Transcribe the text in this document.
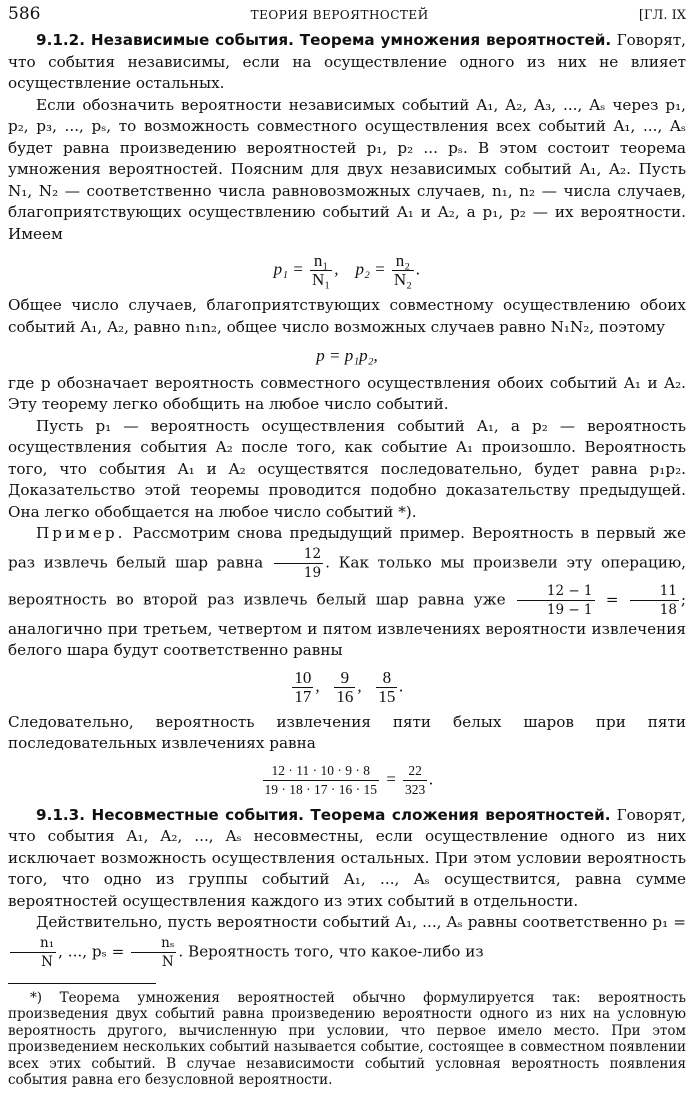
586	ТЕОРИЯ ВЕРОЯТНОСТЕЙ	[ГЛ. IX

9.1.2. Независимые события. Теорема умножения вероятностей. Говорят, что события независимы, если на осуществление одного из них не влияет осуществление остальных.

Если обозначить вероятности независимых событий A₁, A₂, A₃, ..., Aₛ через p₁, p₂, p₃, ..., pₛ, то возможность совместного осуществления всех событий A₁, ..., Aₛ будет равна произведению вероятностей p₁, p₂ ... pₛ. В этом состоит теорема умножения вероятностей. Поясним для двух независимых событий A₁, A₂. Пусть N₁, N₂ — соответственно числа равновозможных случаев, n₁, n₂ — числа случаев, благоприятствующих осуществлению событий A₁ и A₂, а p₁, p₂ — их вероятности. Имеем

$p_1 = \frac{\text{n₁}}{\text{N₁}}$ , $p_2 = \frac{\text{n₂}}{\text{N₂}}$ .

Общее число случаев, благоприятствующих совместному осуществлению обоих событий A₁, A₂, равно n₁n₂, общее число возможных случаев равно N₁N₂, поэтому

p = p₁p₂,

где p обозначает вероятность совместного осуществления обоих событий A₁ и A₂. Эту теорему легко обобщить на любое число событий.

Пусть p₁ — вероятность осуществления событий A₁, а p₂ — вероятность осуществления события A₂ после того, как событие A₁ произошло. Вероятность того, что события A₁ и A₂ осуществятся последовательно, будет равна p₁p₂. Доказательство этой теоремы проводится подобно доказательству предыдущей. Она легко обобщается на любое число событий *).

Пример. Рассмотрим снова предыдущий пример. Вероятность в первый же раз извлечь белый шар равна $\frac{12}{19}$ . Как только мы произвели эту операцию, вероятность во второй раз извлечь белый шар равна уже $\frac{12 - 1}{19 - 1} = \frac{11}{18}$ ; аналогично при третьем, четвертом и пятом извлечениях вероятности извлечения белого шара будут соответственно равны

$\frac{10}{17}$ , $\frac{9}{16}$ , $\frac{8}{15}$ .

Следовательно, вероятность извлечения пяти белых шаров при пяти последовательных извлечениях равна

$\frac{12 \cdot 11 \cdot 10 \cdot 9 \cdot 8}{19 \cdot 18 \cdot 17 \cdot 16 \cdot 15} = \frac{22}{323}$ .

9.1.3. Несовместные события. Теорема сложения вероятностей. Говорят, что события A₁, A₂, ..., Aₛ несовместны, если осуществление одного из них исключает возможность осуществления остальных. При этом условии вероятность того, что одно из группы событий A₁, ..., Aₛ осуществится, равна сумме вероятностей осуществления каждого из этих событий в отдельности.

Действительно, пусть вероятности событий A₁, ..., Aₛ равны соответственно p₁ =
$\frac{\text{n₁}}{N}$ , ..., $p_s = \frac{\text{nₛ}}{N}$ . Вероятность того, что какое-либо из

*) Теорема умножения вероятностей обычно формулируется так: вероятность произведения двух событий равна произведению вероятности одного из них на условную вероятность другого, вычисленную при условии, что первое имело место. При этом произведением нескольких событий называется событие, состоящее в совместном появлении всех этих событий. В случае независимости событий условная вероятность появления события равна его безусловной вероятности.
